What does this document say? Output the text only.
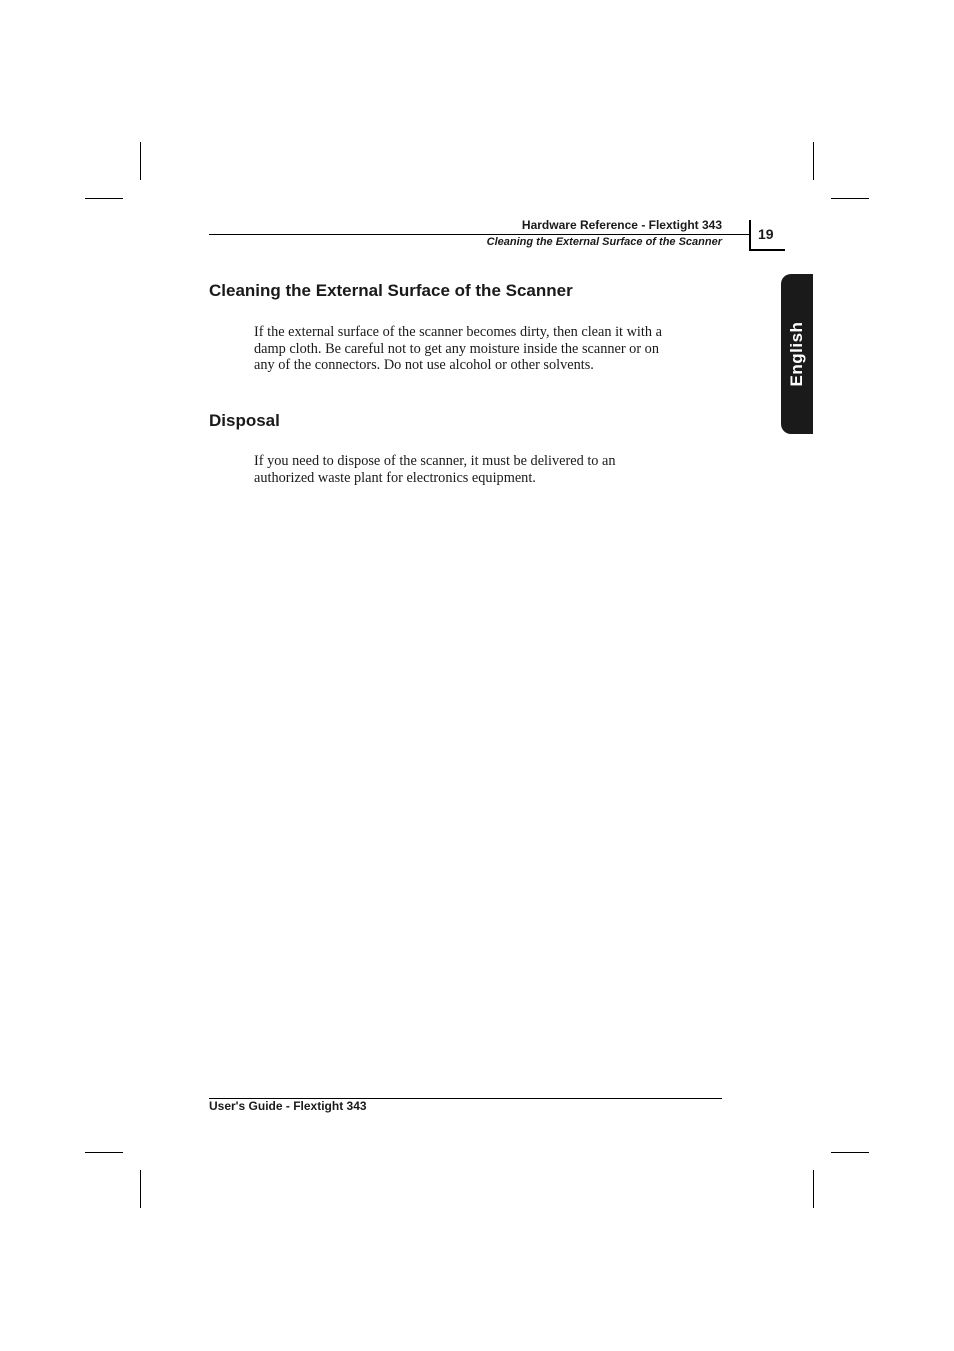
Hardware Reference - Flextight 343
Cleaning the External Surface of the Scanner	19
English
Cleaning the External Surface of the Scanner

If the external surface of the scanner becomes dirty, then clean it with a
damp cloth. Be careful not to get any moisture inside the scanner or on
any of the connectors. Do not use alcohol or other solvents.

Disposal

If you need to dispose of the scanner, it must be delivered to an
authorized waste plant for electronics equipment.

User's Guide - Flextight 343
